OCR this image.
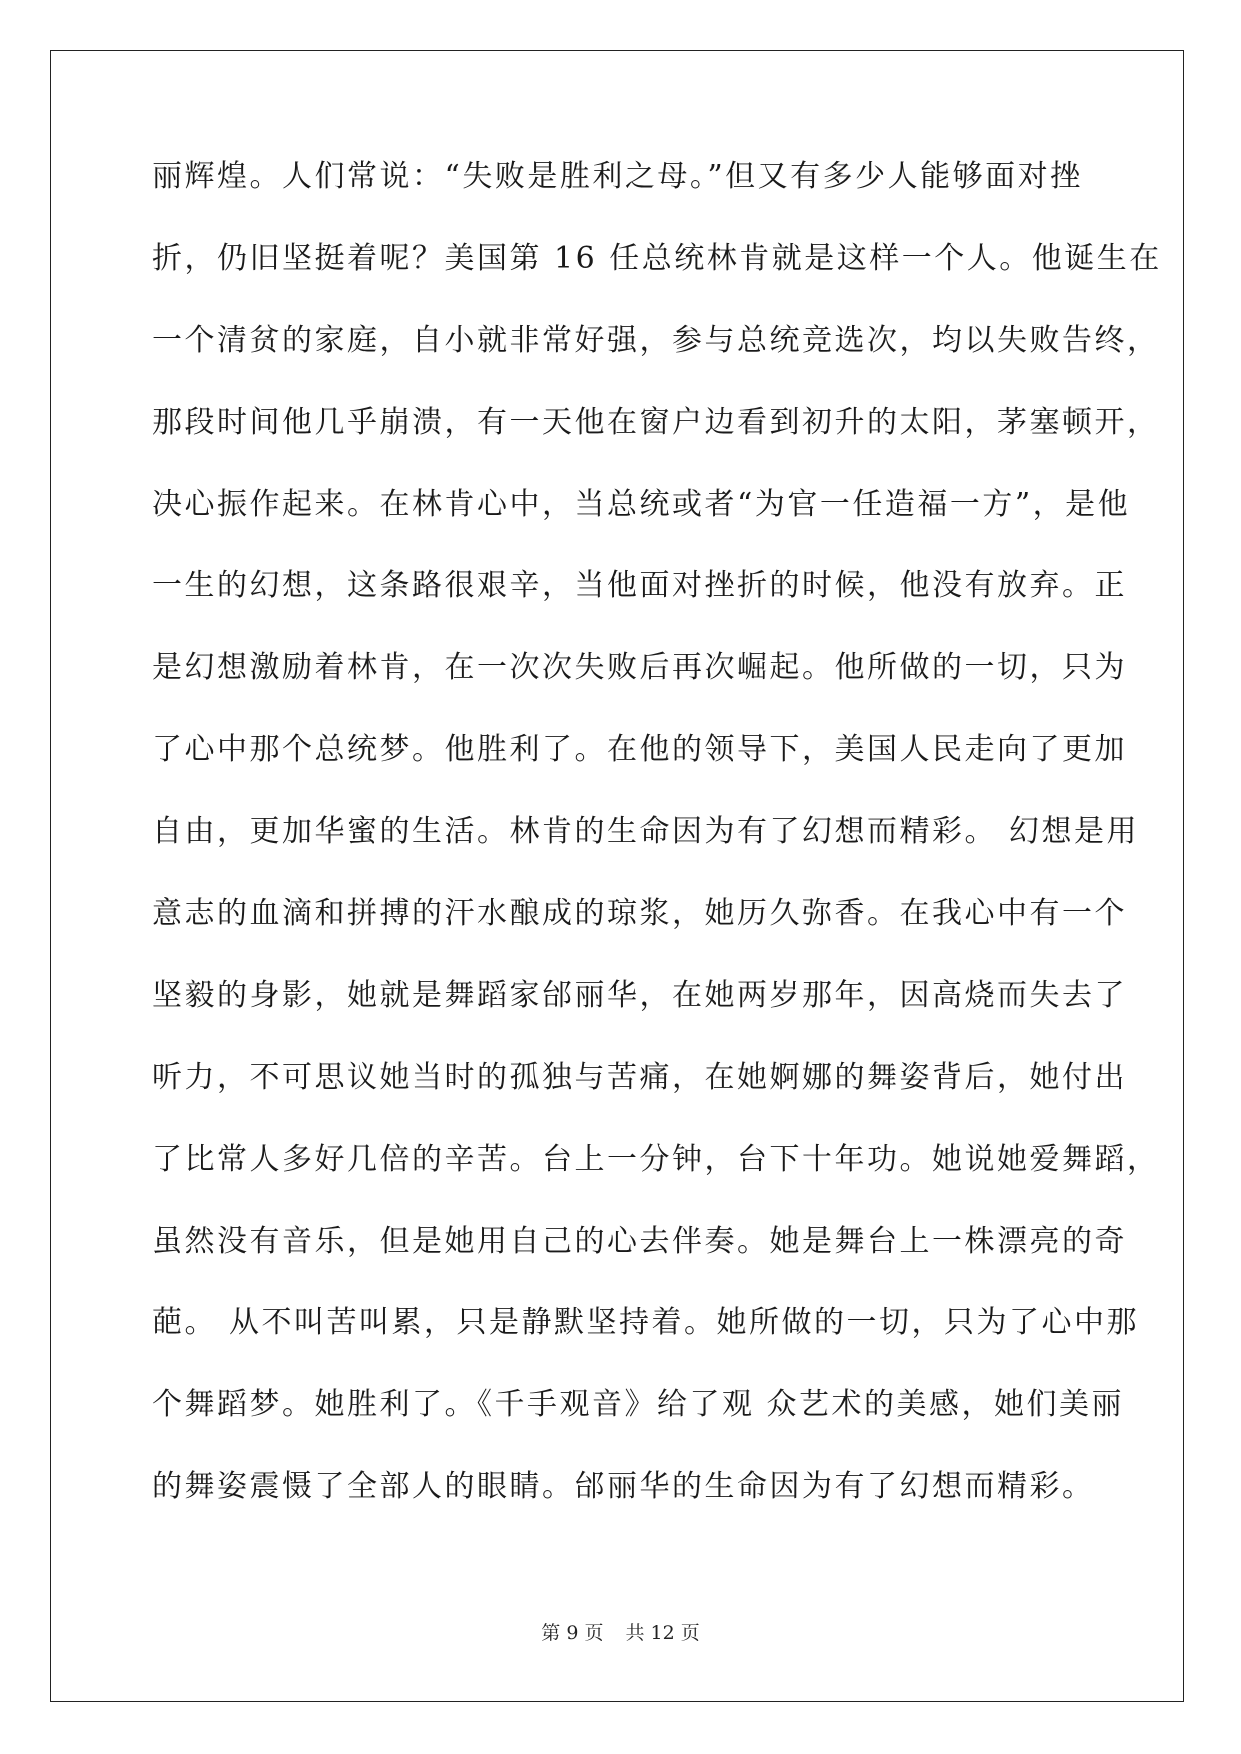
丽辉煌。人们常说：“失败是胜利之母。”但又有多少人能够面对挫
折，仍旧坚挺着呢？美国第 16 任总统林肯就是这样一个人。他诞生在
一个清贫的家庭，自小就非常好强，参与总统竞选次，均以失败告终，
那段时间他几乎崩溃，有一天他在窗户边看到初升的太阳，茅塞顿开，
决心振作起来。在林肯心中，当总统或者“为官一任造福一方”，是他
一生的幻想，这条路很艰辛，当他面对挫折的时候，他没有放弃。正
是幻想激励着林肯，在一次次失败后再次崛起。他所做的一切，只为
了心中那个总统梦。他胜利了。在他的领导下，美国人民走向了更加
自由，更加华蜜的生活。林肯的生命因为有了幻想而精彩。 幻想是用
意志的血滴和拼搏的汗水酿成的琼浆，她历久弥香。在我心中有一个
坚毅的身影，她就是舞蹈家邰丽华，在她两岁那年，因高烧而失去了
听力，不可思议她当时的孤独与苦痛，在她婀娜的舞姿背后，她付出
了比常人多好几倍的辛苦。台上一分钟，台下十年功。她说她爱舞蹈，
虽然没有音乐，但是她用自己的心去伴奏。她是舞台上一株漂亮的奇
葩。 从不叫苦叫累，只是静默坚持着。她所做的一切，只为了心中那
个舞蹈梦。她胜利了。《千手观音》给了观 众艺术的美感，她们美丽
的舞姿震慑了全部人的眼睛。邰丽华的生命因为有了幻想而精彩。
第 9 页 共 12 页
